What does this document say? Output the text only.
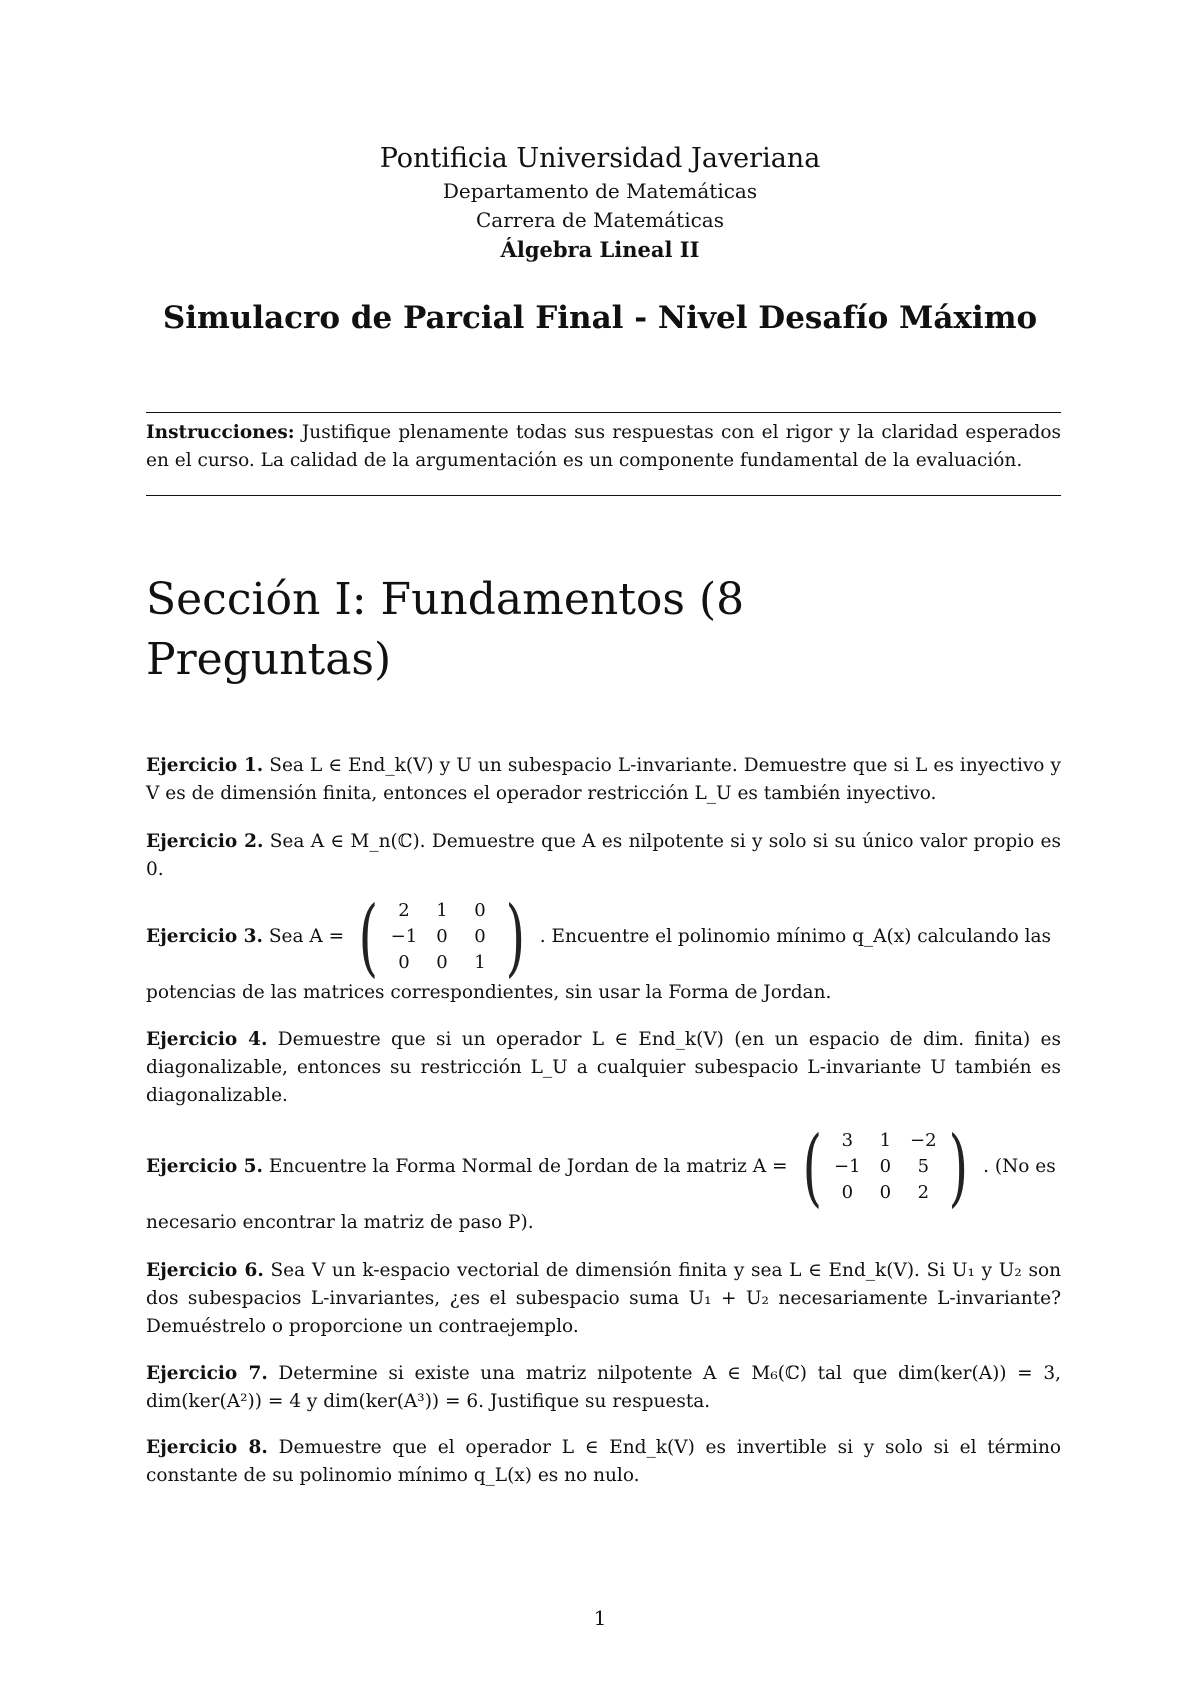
Pontificia Universidad Javeriana
Departamento de Matemáticas
Carrera de Matemáticas
Álgebra Lineal II
Simulacro de Parcial Final - Nivel Desafío Máximo
Instrucciones: Justifique plenamente todas sus respuestas con el rigor y la claridad esperados en el curso. La calidad de la argumentación es un componente fundamental de la evaluación.
Sección I: Fundamentos (8
Preguntas)
Ejercicio 1. Sea L ∈ End_k(V) y U un subespacio L-invariante. Demuestre que si L es inyectivo y V es de dimensión finita, entonces el operador restricción L_U es también inyectivo.
Ejercicio 2. Sea A ∈ M_n(ℂ). Demuestre que A es nilpotente si y solo si su único valor propio es 0.
Ejercicio 3. Sea A = (	2	1	0
−1	0	0
0	0	1 ) . Encuentre el polinomio mínimo q_A(x) calculando las
potencias de las matrices correspondientes, sin usar la Forma de Jordan.
Ejercicio 4. Demuestre que si un operador L ∈ End_k(V) (en un espacio de dim. finita) es diagonalizable, entonces su restricción L_U a cualquier subespacio L-invariante U también es diagonalizable.
Ejercicio 5. Encuentre la Forma Normal de Jordan de la matriz A = (	3	1	−2
−1	0	5
0	0	2 ) . (No es
necesario encontrar la matriz de paso P).
Ejercicio 6. Sea V un k-espacio vectorial de dimensión finita y sea L ∈ End_k(V). Si U₁ y U₂ son dos subespacios L-invariantes, ¿es el subespacio suma U₁ + U₂ necesariamente L-invariante? Demuéstrelo o proporcione un contraejemplo.
Ejercicio 7. Determine si existe una matriz nilpotente A ∈ M₆(ℂ) tal que dim(ker(A)) = 3, dim(ker(A²)) = 4 y dim(ker(A³)) = 6. Justifique su respuesta.
Ejercicio 8. Demuestre que el operador L ∈ End_k(V) es invertible si y solo si el término constante de su polinomio mínimo q_L(x) es no nulo.
1
